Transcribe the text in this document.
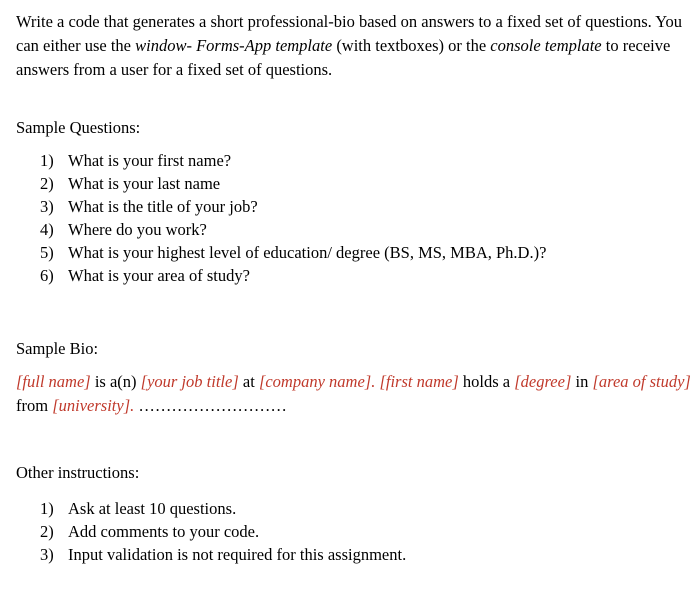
Write a code that generates a short professional-bio based on answers to a fixed set of questions. You can either use the window- Forms-App template (with textboxes) or the console template to receive answers from a user for a fixed set of questions.
Sample Questions:
1) What is your first name?
2) What is your last name
3) What is the title of your job?
4) Where do you work?
5) What is your highest level of education/ degree (BS, MS, MBA, Ph.D.)?
6) What is your area of study?
Sample Bio:
[full name] is a(n) [your job title] at [company name]. [first name] holds a [degree] in [area of study] from [university]. ………………………
Other instructions:
1) Ask at least 10 questions.
2) Add comments to your code.
3) Input validation is not required for this assignment.
